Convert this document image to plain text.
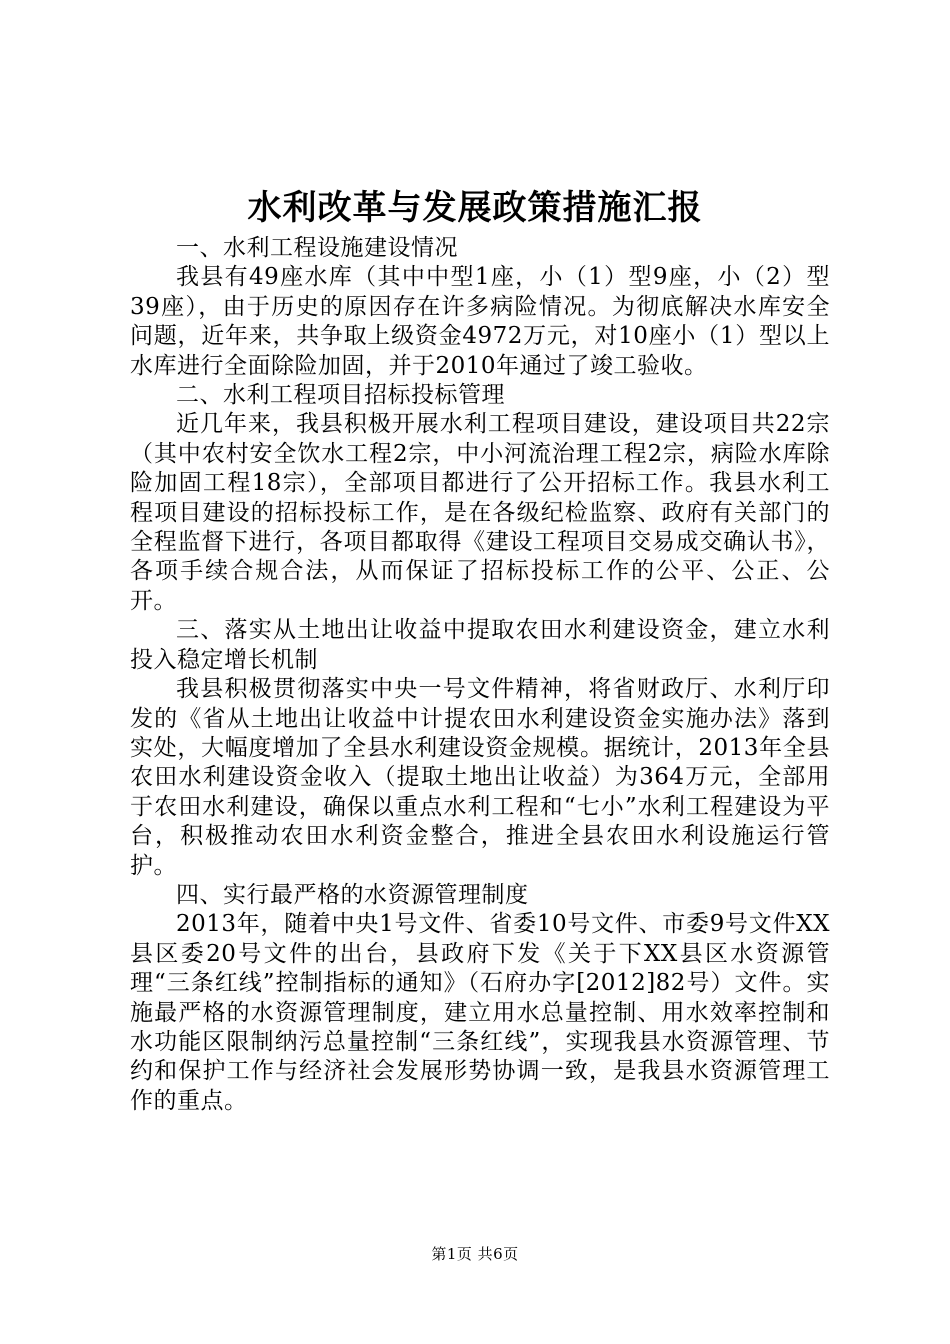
水利改革与发展政策措施汇报

一、水利工程设施建设情况

我县有49座水库（其中中型1座，小（1）型9座，小（2）型39座），由于历史的原因存在许多病险情况。为彻底解决水库安全问题，近年来，共争取上级资金4972万元，对10座小（1）型以上水库进行全面除险加固，并于2010年通过了竣工验收。

二、水利工程项目招标投标管理

近几年来，我县积极开展水利工程项目建设，建设项目共22宗（其中农村安全饮水工程2宗，中小河流治理工程2宗，病险水库除险加固工程18宗），全部项目都进行了公开招标工作。我县水利工程项目建设的招标投标工作，是在各级纪检监察、政府有关部门的全程监督下进行，各项目都取得《建设工程项目交易成交确认书》，各项手续合规合法，从而保证了招标投标工作的公平、公正、公开。

三、落实从土地出让收益中提取农田水利建设资金，建立水利投入稳定增长机制

我县积极贯彻落实中央一号文件精神，将省财政厅、水利厅印发的《省从土地出让收益中计提农田水利建设资金实施办法》落到实处，大幅度增加了全县水利建设资金规模。据统计，2013年全县农田水利建设资金收入（提取土地出让收益）为364万元，全部用于农田水利建设，确保以重点水利工程和“七小”水利工程建设为平台，积极推动农田水利资金整合，推进全县农田水利设施运行管护。

四、实行最严格的水资源管理制度

2013年，随着中央1号文件、省委10号文件、市委9号文件XX县区委20号文件的出台，县政府下发《关于下XX县区水资源管理“三条红线”控制指标的通知》（石府办字[2012]82号）文件。实施最严格的水资源管理制度，建立用水总量控制、用水效率控制和水功能区限制纳污总量控制“三条红线”，实现我县水资源管理、节约和保护工作与经济社会发展形势协调一致，是我县水资源管理工作的重点。

第1页 共6页
